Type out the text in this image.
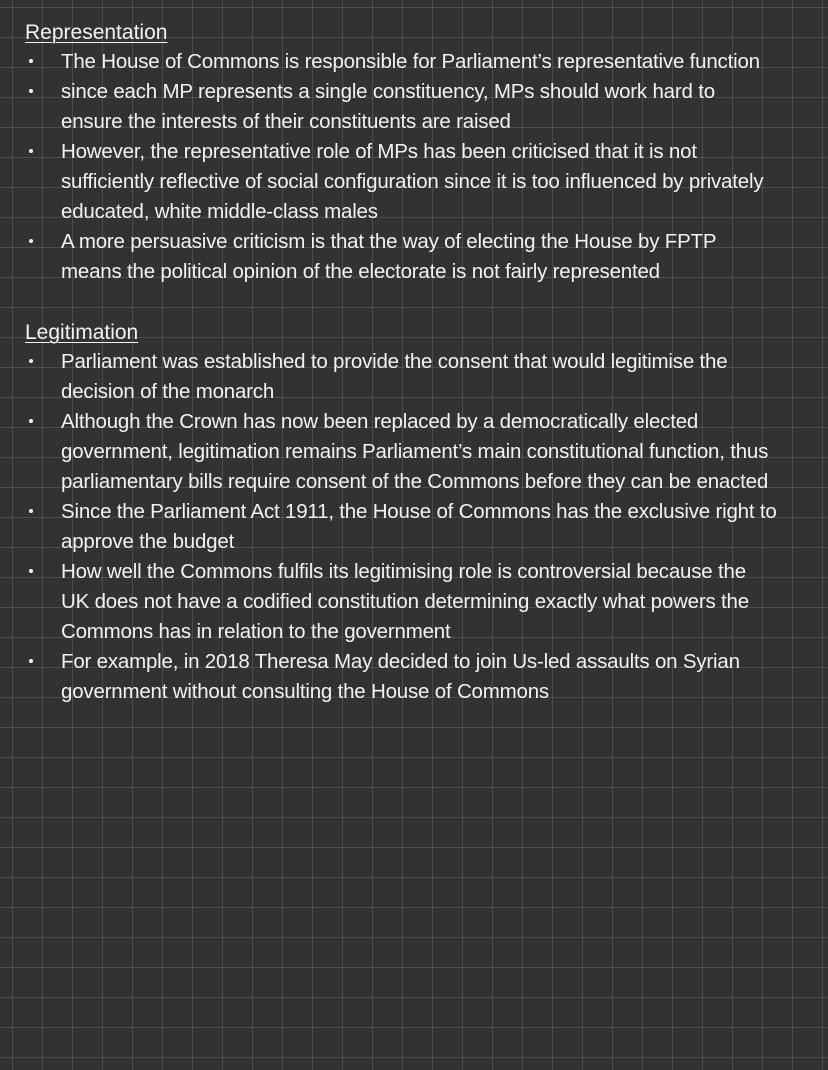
Representation
The House of Commons is responsible for Parliament’s representative function
since each MP represents a single constituency, MPs should work hard to
ensure the interests of their constituents are raised
However, the representative role of MPs has been criticised that it is not
sufficiently reflective of social configuration since it is too influenced by privately
educated, white middle-class males
A more persuasive criticism is that the way of electing the House by FPTP
means the political opinion of the electorate is not fairly represented
Legitimation
Parliament was established to provide the consent that would legitimise the
decision of the monarch
Although the Crown has now been replaced by a democratically elected
government, legitimation remains Parliament’s main constitutional function, thus
parliamentary bills require consent of the Commons before they can be enacted
Since the Parliament Act 1911, the House of Commons has the exclusive right to
approve the budget
How well the Commons fulfils its legitimising role is controversial because the
UK does not have a codified constitution determining exactly what powers the
Commons has in relation to the government
For example, in 2018 Theresa May decided to join Us-led assaults on Syrian
government without consulting the House of Commons
